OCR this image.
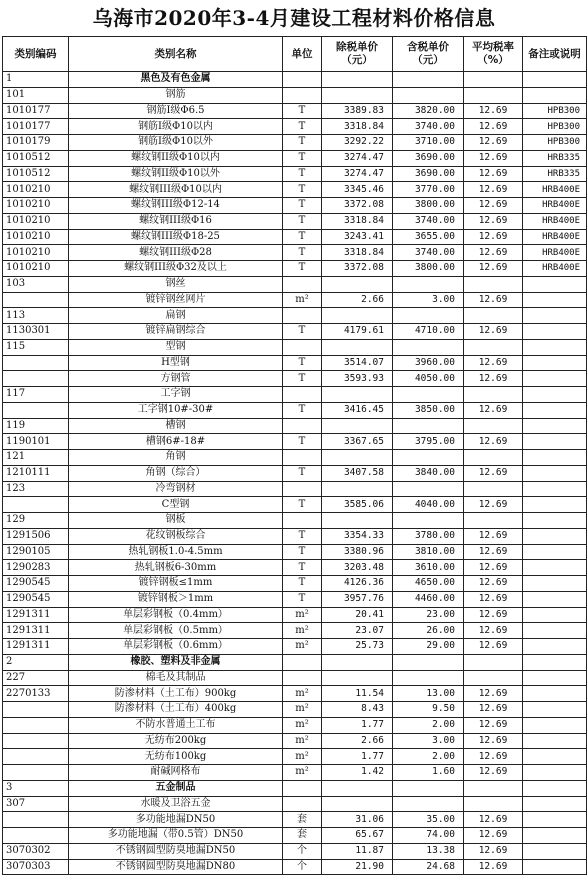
乌海市2020年3-4月建设工程材料价格信息
类别编码	类别名称	单位	除税单价（元）	含税单价（元）	平均税率（%）	备注或说明
1	黑色及有色金属					
101	钢筋					
1010177	钢筋I级Φ6.5	T	3389.83	3820.00	12.69	HPB300
1010177	钢筋I级Φ10以内	T	3318.84	3740.00	12.69	HPB300
1010179	钢筋I级Φ10以外	T	3292.22	3710.00	12.69	HPB300
1010512	螺纹钢II级Φ10以内	T	3274.47	3690.00	12.69	HRB335
1010512	螺纹钢II级Φ10以外	T	3274.47	3690.00	12.69	HRB335
1010210	螺纹钢III级Φ10以内	T	3345.46	3770.00	12.69	HRB400E
1010210	螺纹钢III级Φ12-14	T	3372.08	3800.00	12.69	HRB400E
1010210	螺纹钢III级Φ16	T	3318.84	3740.00	12.69	HRB400E
1010210	螺纹钢III级Φ18-25	T	3243.41	3655.00	12.69	HRB400E
1010210	螺纹钢III级Φ28	T	3318.84	3740.00	12.69	HRB400E
1010210	螺纹钢III级Φ32及以上	T	3372.08	3800.00	12.69	HRB400E
103	钢丝					
	镀锌钢丝网片	m²	2.66	3.00	12.69	
113	扁钢					
1130301	镀锌扁钢综合	T	4179.61	4710.00	12.69	
115	型钢					
	H型钢	T	3514.07	3960.00	12.69	
	方钢管	T	3593.93	4050.00	12.69	
117	工字钢					
	工字钢10#-30#	T	3416.45	3850.00	12.69	
119	槽钢					
1190101	槽钢6#-18#	T	3367.65	3795.00	12.69	
121	角钢					
1210111	角钢（综合）	T	3407.58	3840.00	12.69	
123	冷弯钢材					
	C型钢	T	3585.06	4040.00	12.69	
129	钢板					
1291506	花纹钢板综合	T	3354.33	3780.00	12.69	
1290105	热轧钢板1.0-4.5mm	T	3380.96	3810.00	12.69	
1290283	热轧钢板6-30mm	T	3203.48	3610.00	12.69	
1290545	镀锌钢板≤1mm	T	4126.36	4650.00	12.69	
1290545	镀锌钢板＞1mm	T	3957.76	4460.00	12.69	
1291311	单层彩钢板（0.4mm）	m²	20.41	23.00	12.69	
1291311	单层彩钢板（0.5mm）	m²	23.07	26.00	12.69	
1291311	单层彩钢板（0.6mm）	m²	25.73	29.00	12.69	
2	橡胶、塑料及非金属					
227	棉毛及其制品					
2270133	防渗材料（土工布）900kg	m²	11.54	13.00	12.69	
	防渗材料（土工布）400kg	m²	8.43	9.50	12.69	
	不防水普通土工布	m²	1.77	2.00	12.69	
	无纺布200kg	m²	2.66	3.00	12.69	
	无纺布100kg	m²	1.77	2.00	12.69	
	耐碱网格布	m²	1.42	1.60	12.69	
3	五金制品					
307	水暖及卫浴五金					
	多功能地漏DN50	套	31.06	35.00	12.69	
	多功能地漏（带0.5管）DN50	套	65.67	74.00	12.69	
3070302	不锈钢圆型防臭地漏DN50	个	11.87	13.38	12.69	
3070303	不锈钢圆型防臭地漏DN80	个	21.90	24.68	12.69	
